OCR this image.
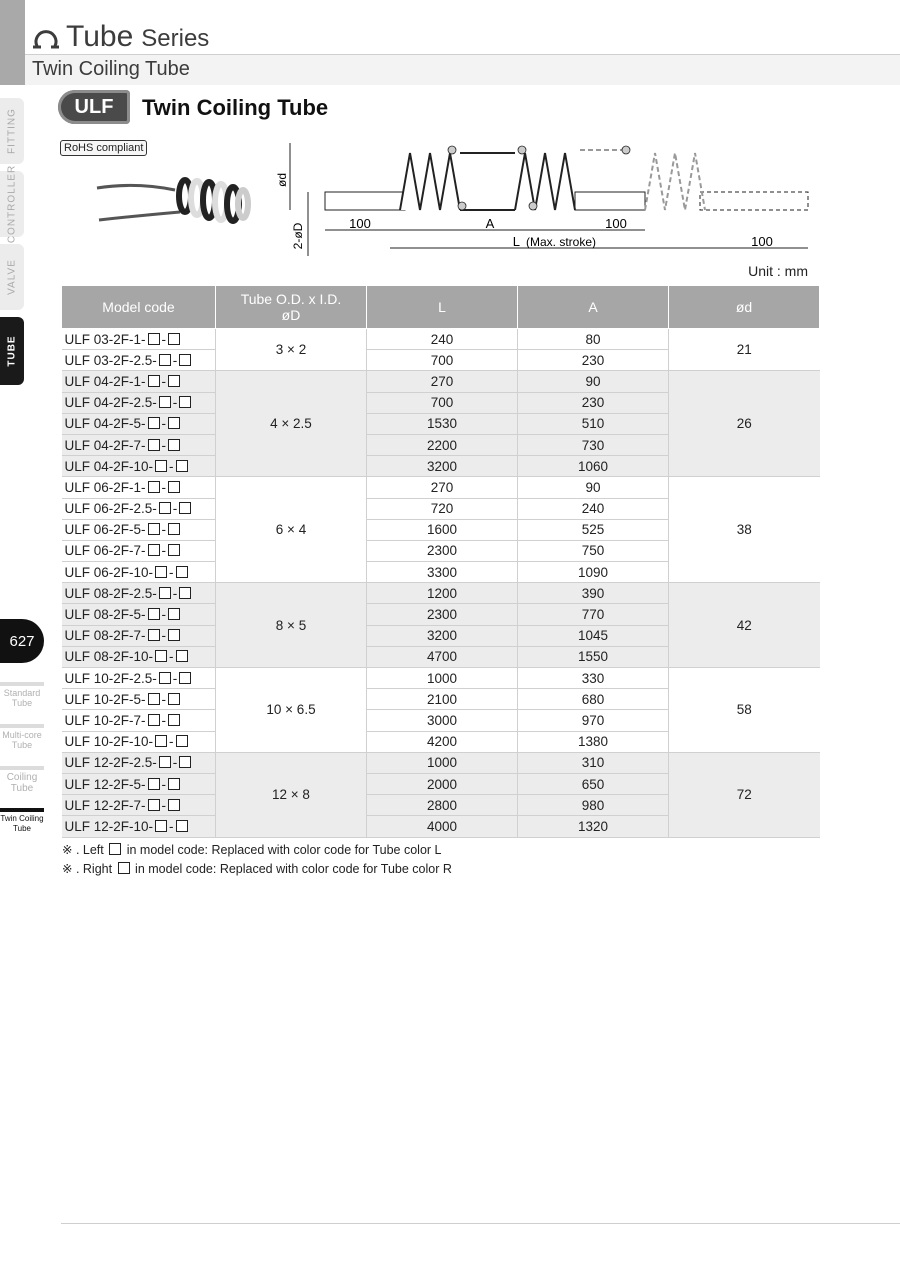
FITTING
CONTROLLER
VALVE
TUBE
627
Standard
Tube
Multi-core
Tube
Coiling
Tube
Twin Coiling
Tube
Tube Series
Twin Coiling Tube
ULF	Twin Coiling Tube
RoHS compliant
ød
2-øD	100	A	100
L (Max. stroke)	100
Unit : mm
Model code	Tube O.D. x I.D.
øD	L	A	ød
ULF 03-2F-1- -	3 × 2	240	80	21
ULF 03-2F-2.5- -		700	230	
ULF 04-2F-1- -	4 × 2.5	270	90	26
ULF 04-2F-2.5- -		700	230	
ULF 04-2F-5- -		1530	510	
ULF 04-2F-7- -		2200	730	
ULF 04-2F-10- -		3200	1060	
ULF 06-2F-1- -	6 × 4	270	90	38
ULF 06-2F-2.5- -		720	240	
ULF 06-2F-5- -		1600	525	
ULF 06-2F-7- -		2300	750	
ULF 06-2F-10- -		3300	1090	
ULF 08-2F-2.5- -	8 × 5	1200	390	42
ULF 08-2F-5- -		2300	770	
ULF 08-2F-7- -		3200	1045	
ULF 08-2F-10- -		4700	1550	
ULF 10-2F-2.5- -	10 × 6.5	1000	330	58
ULF 10-2F-5- -		2100	680	
ULF 10-2F-7- -		3000	970	
ULF 10-2F-10- -		4200	1380	
ULF 12-2F-2.5- -	12 × 8	1000	310	72
ULF 12-2F-5- -		2000	650	
ULF 12-2F-7- -		2800	980	
ULF 12-2F-10- -		4000	1320	
※ . Left in model code: Replaced with color code for Tube color L
※ . Right in model code: Replaced with color code for Tube color R
